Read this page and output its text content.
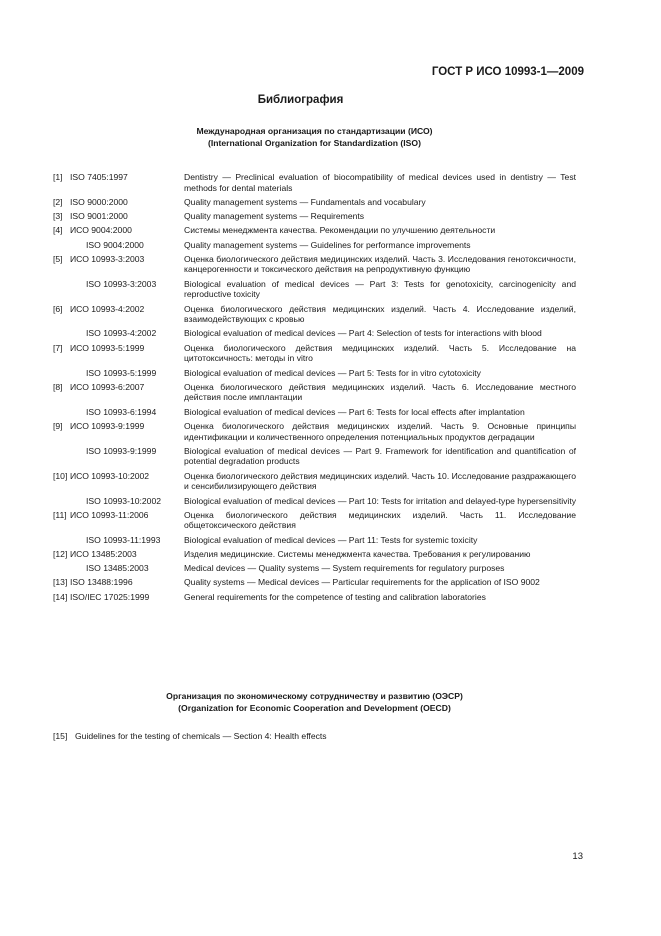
ГОСТ Р ИСО 10993-1—2009
Библиография
Международная организация по стандартизации (ИСО)
(International Organization for Standardization (ISO)
[1] ISO 7405:1997	Dentistry — Preclinical evaluation of biocompatibility of medical devices used in dentistry — Test methods for dental materials
[2] ISO 9000:2000	Quality management systems — Fundamentals and vocabulary
[3] ISO 9001:2000	Quality management systems — Requirements
[4] ИСО 9004:2000	Системы менеджмента качества. Рекомендации по улучшению деятельности
ISO 9004:2000	Quality management systems — Guidelines for performance improvements
[5] ИСО 10993-3:2003	Оценка биологического действия медицинских изделий. Часть 3. Исследования генотоксичности, канцерогенности и токсического действия на репродуктивную функцию
ISO 10993-3:2003	Biological evaluation of medical devices — Part 3: Tests for genotoxicity, carcinogenicity and reproductive toxicity
[6] ИСО 10993-4:2002	Оценка биологического действия медицинских изделий. Часть 4. Исследование изделий, взаимодействующих с кровью
ISO 10993-4:2002	Biological evaluation of medical devices — Part 4: Selection of tests for interactions with blood
[7] ИСО 10993-5:1999	Оценка биологического действия медицинских изделий. Часть 5. Исследование на цитотоксичность: методы in vitro
ISO 10993-5:1999	Biological evaluation of medical devices — Part 5: Tests for in vitro cytotoxicity
[8] ИСО 10993-6:2007	Оценка биологического действия медицинских изделий. Часть 6. Исследование местного действия после имплантации
ISO 10993-6:1994	Biological evaluation of medical devices — Part 6: Tests for local effects after implantation
[9] ИСО 10993-9:1999	Оценка биологического действия медицинских изделий. Часть 9. Основные принципы идентификации и количественного определения потенциальных продуктов деградации
ISO 10993-9:1999	Biological evaluation of medical devices — Part 9. Framework for identification and quantification of potential degradation products
[10] ИСО 10993-10:2002	Оценка биологического действия медицинских изделий. Часть 10. Исследование раздражающего и сенсибилизирующего действия
ISO 10993-10:2002	Biological evaluation of medical devices — Part 10: Tests for irritation and delayed-type hypersensitivity
[11] ИСО 10993-11:2006	Оценка биологического действия медицинских изделий. Часть 11. Исследование общетоксического действия
ISO 10993-11:1993	Biological evaluation of medical devices — Part 11: Tests for systemic toxicity
[12] ИСО 13485:2003	Изделия медицинские. Системы менеджмента качества. Требования к регулированию
ISO 13485:2003	Medical devices — Quality systems — System requirements for regulatory purposes
[13] ISO 13488:1996	Quality systems — Medical devices — Particular requirements for the application of ISO 9002
[14] ISO/IEC 17025:1999	General requirements for the competence of testing and calibration laboratories
Организация по экономическому сотрудничеству и развитию (ОЭСР)
(Organization for Economic Cooperation and Development (OECD)
[15] Guidelines for the testing of chemicals — Section 4: Health effects
13
